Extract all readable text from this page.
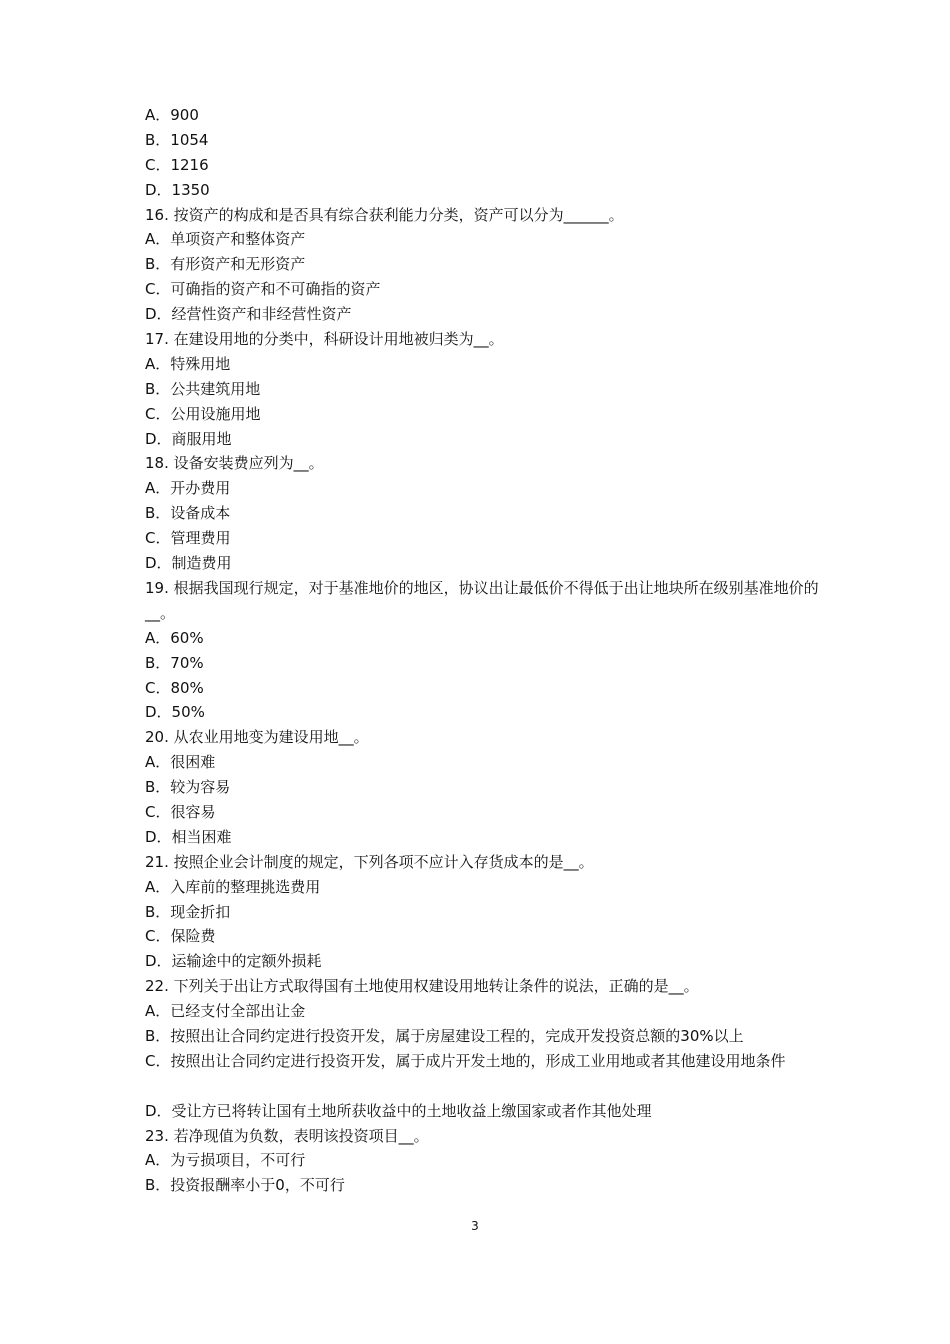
A．900
B．1054
C．1216
D．1350
16. 按资产的构成和是否具有综合获利能力分类，资产可以分为______。
A．单项资产和整体资产
B．有形资产和无形资产
C．可确指的资产和不可确指的资产
D．经营性资产和非经营性资产
17. 在建设用地的分类中，科研设计用地被归类为__。
A．特殊用地
B．公共建筑用地
C．公用设施用地
D．商服用地
18. 设备安装费应列为__。
A．开办费用
B．设备成本
C．管理费用
D．制造费用
19. 根据我国现行规定，对于基准地价的地区，协议出让最低价不得低于出让地块所在级别基准地价的__。
A．60%
B．70%
C．80%
D．50%
20. 从农业用地变为建设用地__。
A．很困难
B．较为容易
C．很容易
D．相当困难
21. 按照企业会计制度的规定，下列各项不应计入存货成本的是__。
A．入库前的整理挑选费用
B．现金折扣
C．保险费
D．运输途中的定额外损耗
22. 下列关于出让方式取得国有土地使用权建设用地转让条件的说法，正确的是__。
A．已经支付全部出让金
B．按照出让合同约定进行投资开发，属于房屋建设工程的，完成开发投资总额的30%以上
C．按照出让合同约定进行投资开发，属于成片开发土地的，形成工业用地或者其他建设用地条件
D．受让方已将转让国有土地所获收益中的土地收益上缴国家或者作其他处理
23. 若净现值为负数，表明该投资项目__。
A．为亏损项目，不可行
B．投资报酬率小于0，不可行
3
